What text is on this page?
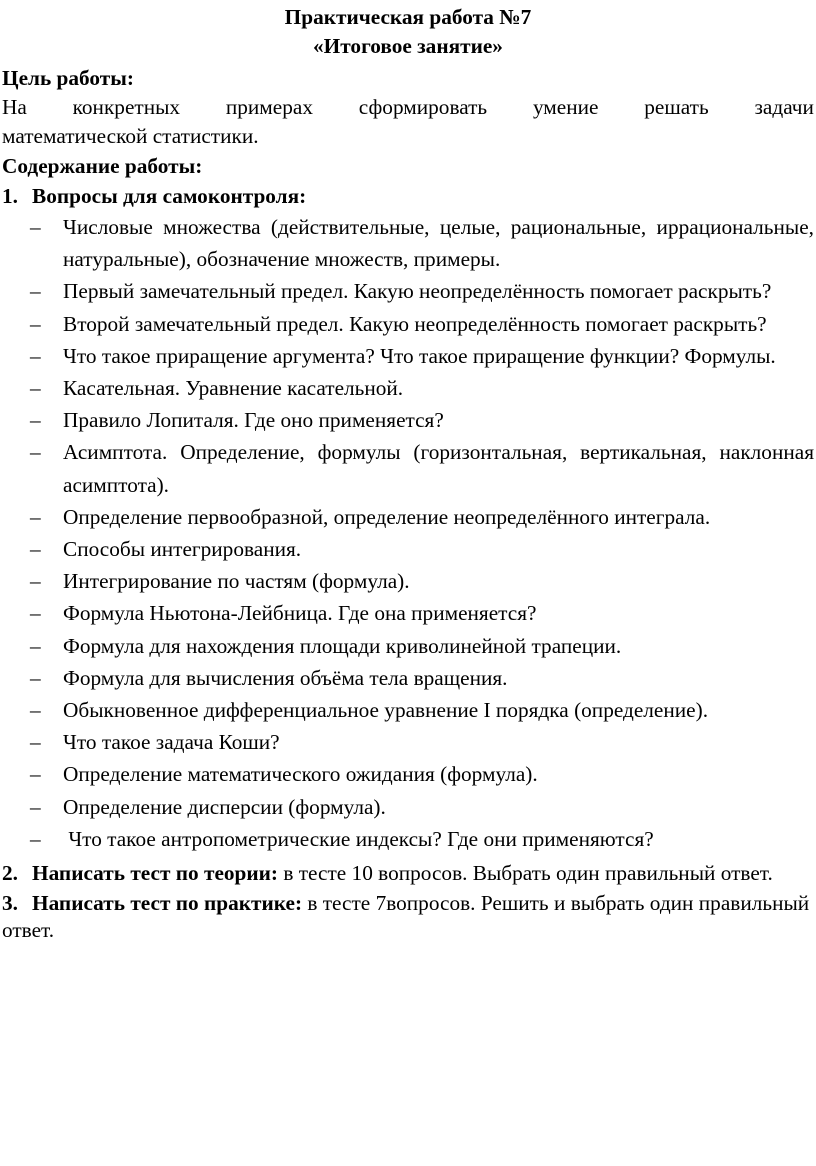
Практическая работа №7
«Итоговое занятие»

Цель работы:

На конкретных примерах сформировать умение решать задачи
математической статистики.

Содержание работы:

1. Вопросы для самоконтроля:
– Числовые множества (действительные, целые, рациональные, иррациональные, натуральные), обозначение множеств, примеры.
– Первый замечательный предел. Какую неопределённость помогает раскрыть?
– Второй замечательный предел. Какую неопределённость помогает раскрыть?
– Что такое приращение аргумента? Что такое приращение функции? Формулы.
– Касательная. Уравнение касательной.
– Правило Лопиталя. Где оно применяется?
– Асимптота. Определение, формулы (горизонтальная, вертикальная, наклонная асимптота).
– Определение первообразной, определение неопределённого интеграла.
– Способы интегрирования.
– Интегрирование по частям (формула).
– Формула Ньютона-Лейбница. Где она применяется?
– Формула для нахождения площади криволинейной трапеции.
– Формула для вычисления объёма тела вращения.
– Обыкновенное дифференциальное уравнение I порядка (определение).
– Что такое задача Коши?
– Определение математического ожидания (формула).
– Определение дисперсии (формула).
– Что такое антропометрические индексы? Где они применяются?

2. Написать тест по теории: в тесте 10 вопросов. Выбрать один правильный ответ.

3. Написать тест по практике: в тесте 7вопросов. Решить и выбрать один правильный ответ.
